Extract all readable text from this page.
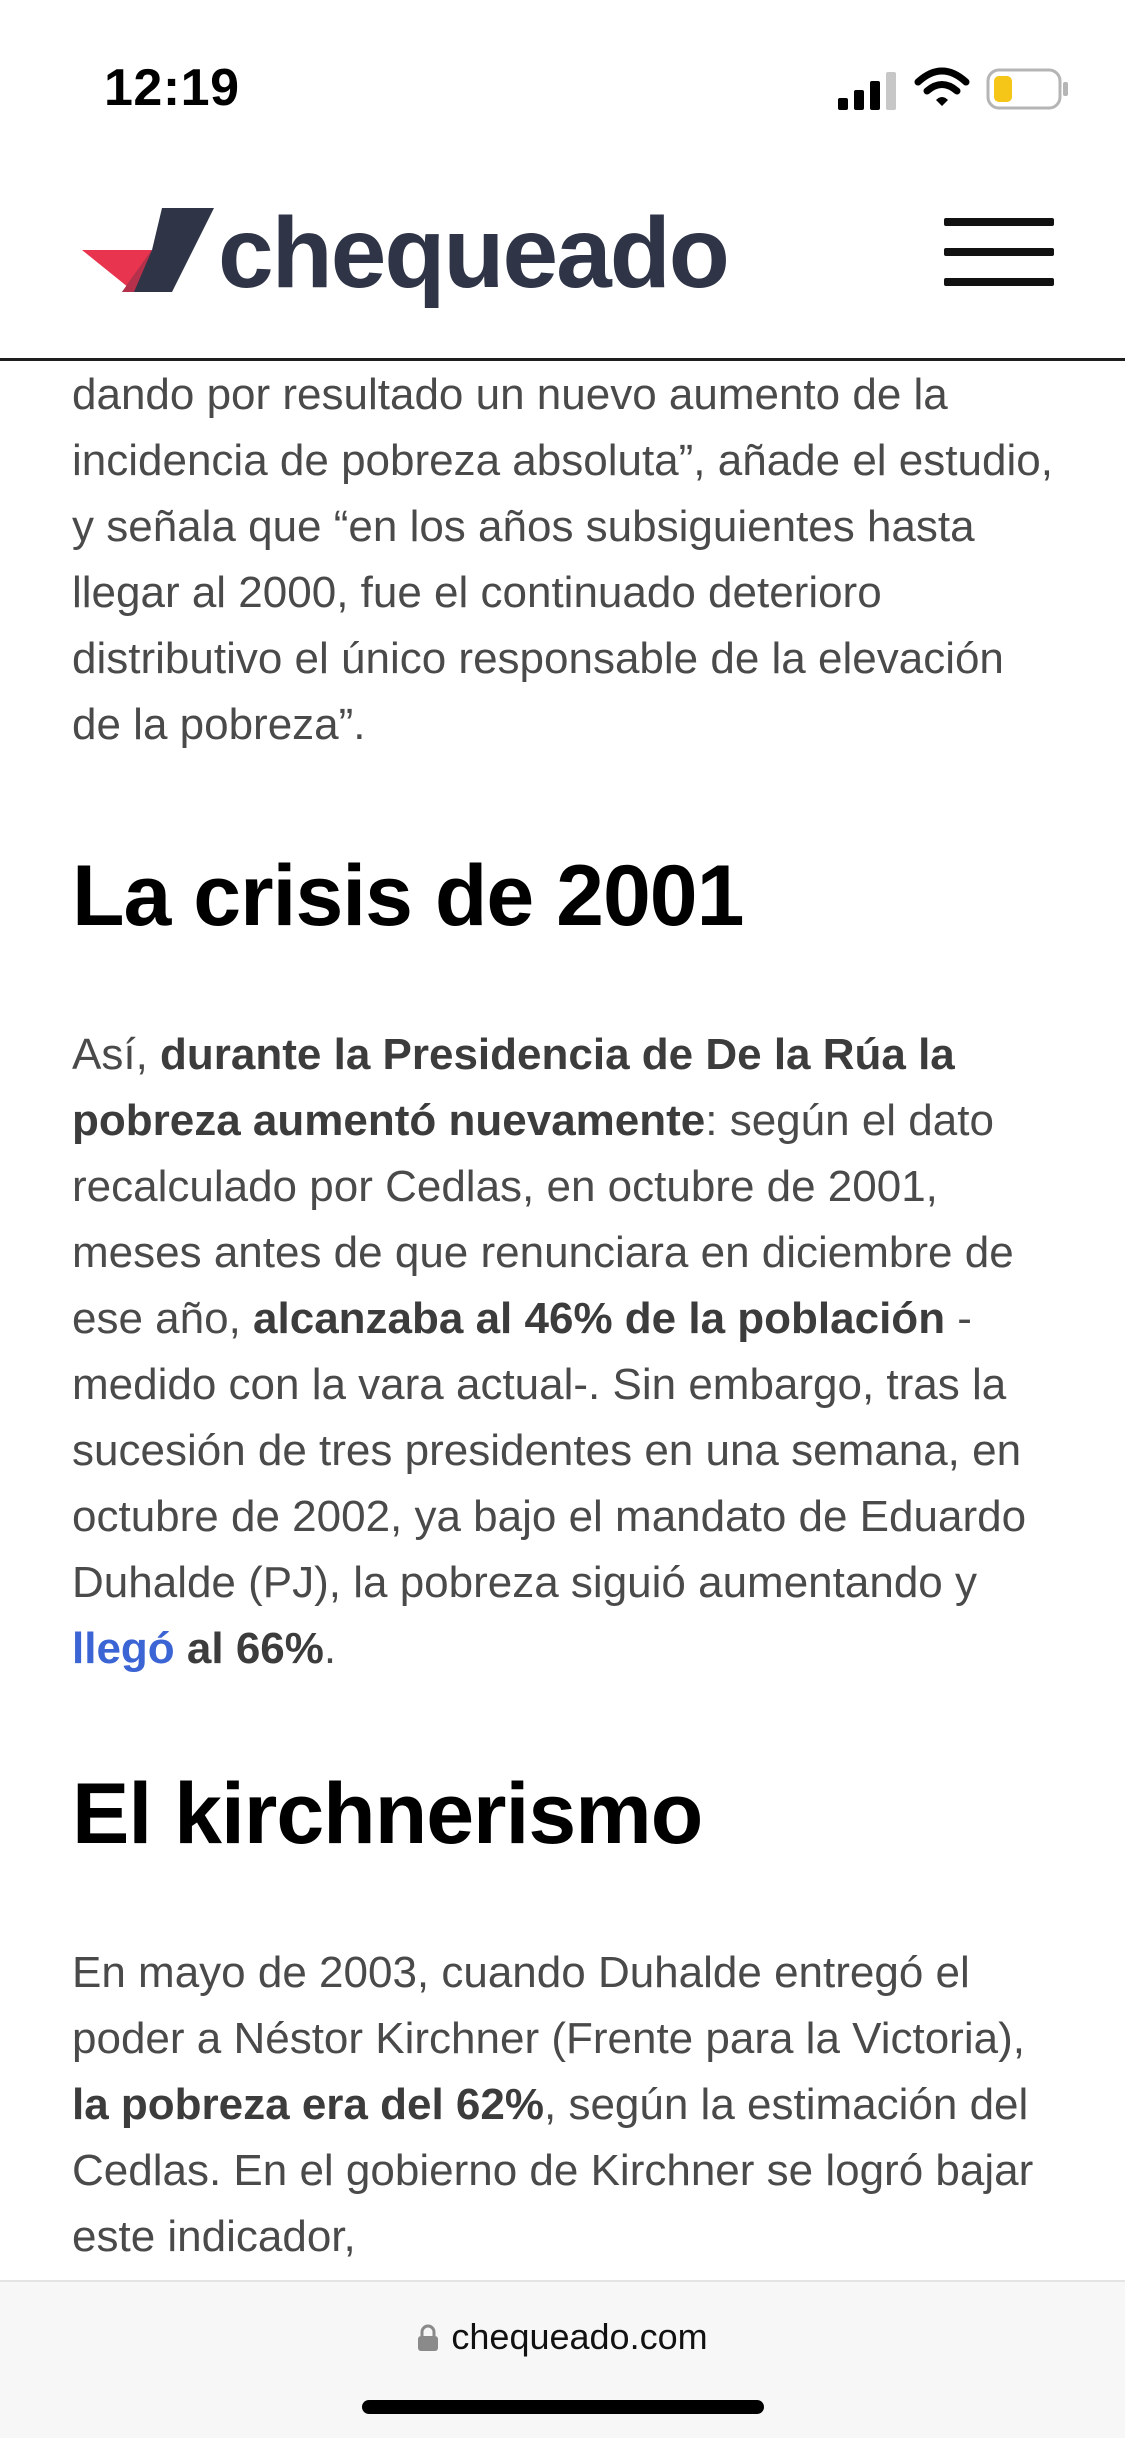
12:19
chequeado

dando por resultado un nuevo aumento de la incidencia de pobreza absoluta”, añade el estudio, y señala que “en los años subsiguientes hasta llegar al 2000, fue el continuado deterioro distributivo el único responsable de la elevación de la pobreza”.

La crisis de 2001

Así, durante la Presidencia de De la Rúa la pobreza aumentó nuevamente: según el dato recalculado por Cedlas, en octubre de 2001, meses antes de que renunciara en diciembre de ese año, alcanzaba al 46% de la población -medido con la vara actual-. Sin embargo, tras la sucesión de tres presidentes en una semana, en octubre de 2002, ya bajo el mandato de Eduardo Duhalde (PJ), la pobreza siguió aumentando y llegó al 66%.

El kirchnerismo

En mayo de 2003, cuando Duhalde entregó el poder a Néstor Kirchner (Frente para la Victoria), la pobreza era del 62%, según la estimación del Cedlas. En el gobierno de Kirchner se logró bajar este indicador,

chequeado.com
